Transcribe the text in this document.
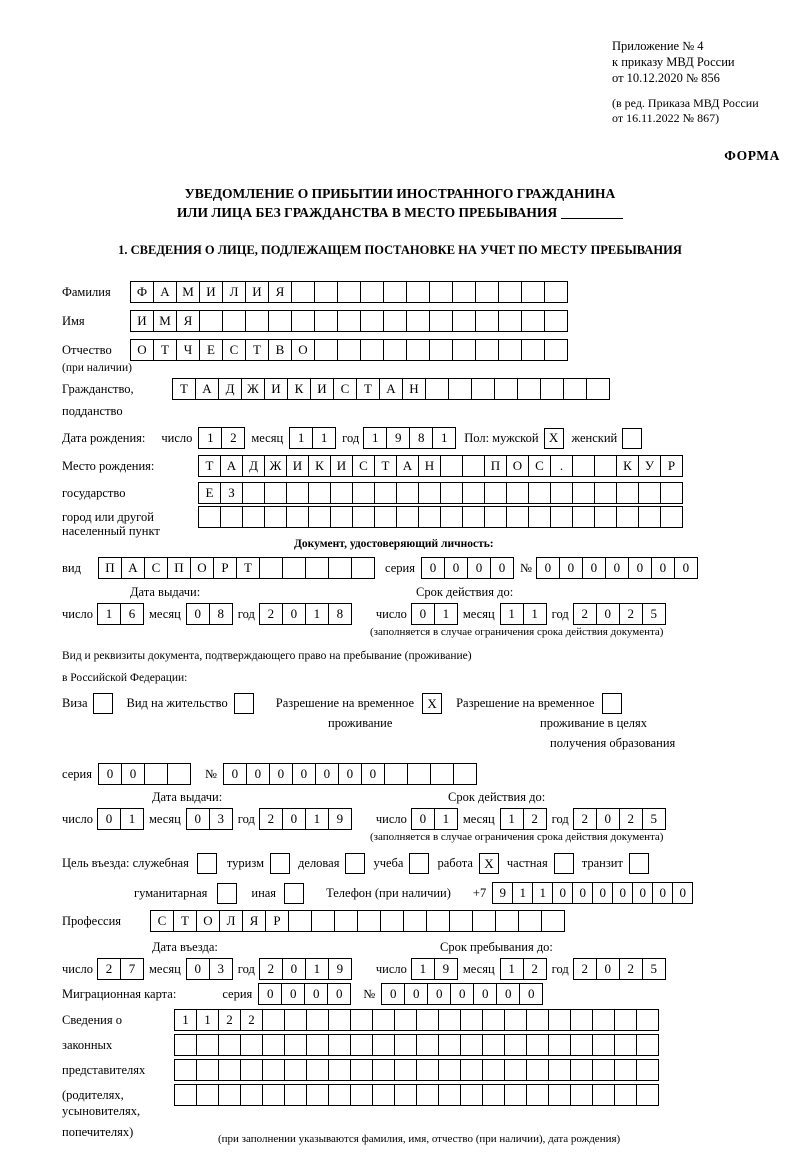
Приложение № 4
к приказу МВД России
от 10.12.2020 № 856
(в ред. Приказа МВД России
от 16.11.2022 № 867)
ФОРМА
УВЕДОМЛЕНИЕ О ПРИБЫТИИ ИНОСТРАННОГО ГРАЖДАНИНА
ИЛИ ЛИЦА БЕЗ ГРАЖДАНСТВА В МЕСТО ПРЕБЫВАНИЯ
1. СВЕДЕНИЯ О ЛИЦЕ, ПОДЛЕЖАЩЕМ ПОСТАНОВКЕ НА УЧЕТ ПО МЕСТУ ПРЕБЫВАНИЯ
Фамилия	Ф	А М И	Л	И	Я
Имя	И М Я
Отчество	О	Т	Ч	Е	С	Т	В	О
(при наличии)
Гражданство,	Т	А	Д Ж И	К	И	С	Т	А	Н
подданство
Дата рождения: число	1	2	месяц	1	1	год 1	9	8	1	Пол: мужской X	женский
Место рождения:	Т	А Д Ж И К И С	Т	А Н	П О С	.	К	У	Р
государство	Е	З
город или другой
населенный пункт
Документ, удостоверяющий личность:
вид	П	А	С	П	О	Р	Т	серия	0	0	0	0	№ 0	0	0	0	0	0	0
Дата выдачи:	Срок действия до:
число 1	6	месяц	0	8	год 2	0	1	8	число 0	1	месяц	1	1	год 2	0	2	5
(заполняется в случае ограничения срока действия документа)
Вид и реквизиты документа, подтверждающего право на пребывание (проживание)
в Российской Федерации:
Виза	Вид на жительство	Разрешение на временное	X	Разрешение на временное
проживание	проживание в целях
получения образования
серия	0	0	№	0	0	0	0	0	0	0
Дата выдачи:	Срок действия до:
число 0	1	месяц	0	3	год 2	0	1	9	число 0	1	месяц	1	2	год 2	0	2	5
(заполняется в случае ограничения срока действия документа)
Цель въезда: служебная	туризм	деловая	учеба	работа X	частная	транзит
гуманитарная	иная	Телефон (при наличии) +7	9	1	1	0	0	0	0	0	0	0
Профессия	С	Т	О	Л	Я	Р
Дата въезда:	Срок пребывания до:
число 2	7	месяц	0	3	год 2	0	1	9	число 1	9	месяц	1	2	год 2	0	2	5
Миграционная карта:	серия	0	0	0	0	№	0	0	0	0	0	0	0
Сведения о	1	1	2	2
законных
представителях
(родителях,
усыновителях,
попечителях)	(при заполнении указываются фамилия, имя, отчество (при наличии), дата рождения)
